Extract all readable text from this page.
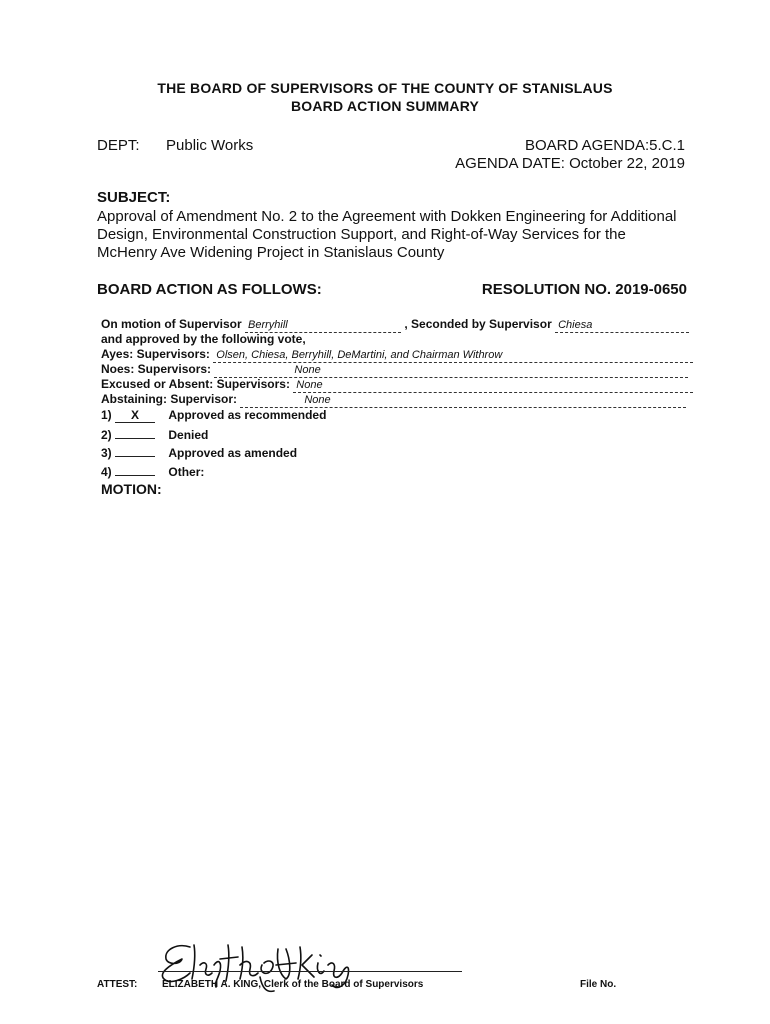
THE BOARD OF SUPERVISORS OF THE COUNTY OF STANISLAUS
BOARD ACTION SUMMARY
DEPT: Public Works	BOARD AGENDA:5.C.1
AGENDA DATE: October 22, 2019
SUBJECT:
Approval of Amendment No. 2 to the Agreement with Dokken Engineering for Additional
Design, Environmental Construction Support, and Right-of-Way Services for the
McHenry Ave Widening Project in Stanislaus County
BOARD ACTION AS FOLLOWS:	RESOLUTION NO. 2019-0650
On motion of Supervisor Berryhill	, Seconded by Supervisor Chiesa
and approved by the following vote,
Ayes: Supervisors: Olsen, Chiesa, Berryhill, DeMartini, and Chairman Withrow
Noes: Supervisors:	None
Excused or Absent: Supervisors: None
Abstaining: Supervisor:	None
1) X Approved as recommended
2)	Denied
3)	Approved as amended
4)	Other:
MOTION:
ATTEST: ELIZABETH A. KING, Clerk of the Board of Supervisors	File No.
